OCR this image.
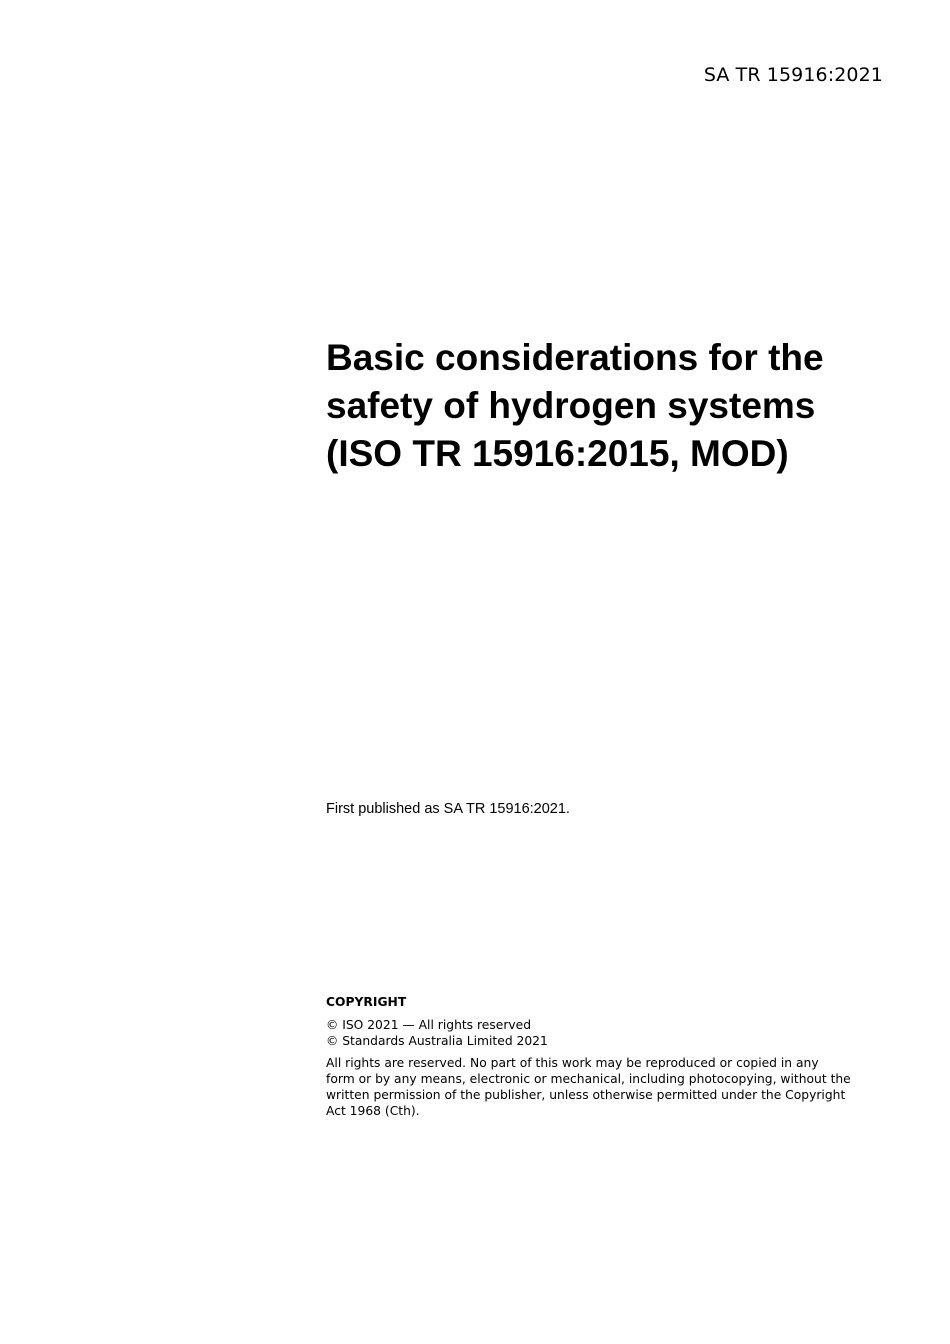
SA TR 15916:2021
Basic considerations for the
safety of hydrogen systems
(ISO TR 15916:2015, MOD)
First published as SA TR 15916:2021.
COPYRIGHT
© ISO 2021 — All rights reserved
© Standards Australia Limited 2021
All rights are reserved. No part of this work may be reproduced or copied in any
form or by any means, electronic or mechanical, including photocopying, without the
written permission of the publisher, unless otherwise permitted under the Copyright
Act 1968 (Cth).
